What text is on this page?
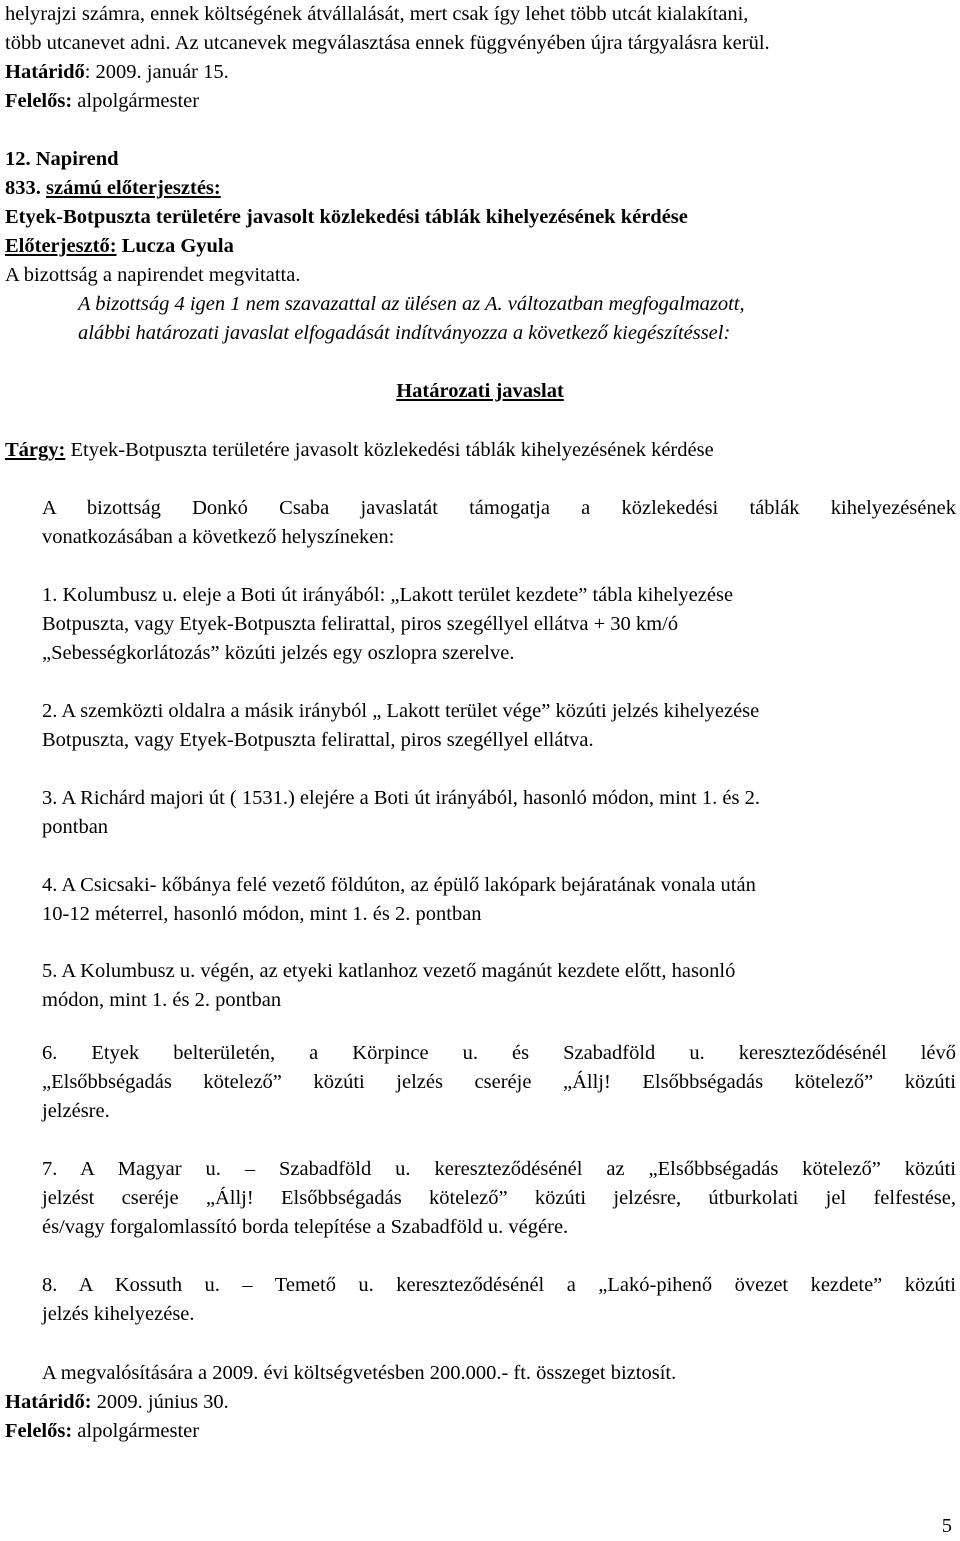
helyrajzi számra, ennek költségének átvállalását, mert csak így lehet több utcát kialakítani,
több utcanevet adni. Az utcanevek megválasztása ennek függvényében újra tárgyalásra kerül.
Határidő: 2009. január 15.
Felelős: alpolgármester
12. Napirend
833. számú előterjesztés:
Etyek-Botpuszta területére javasolt közlekedési táblák kihelyezésének kérdése
Előterjesztő: Lucza Gyula
A bizottság a napirendet megvitatta.
A bizottság 4 igen 1 nem szavazattal az ülésen az A. változatban megfogalmazott,
alábbi határozati javaslat elfogadását indítványozza a következő kiegészítéssel:
Határozati javaslat
Tárgy: Etyek-Botpuszta területére javasolt közlekedési táblák kihelyezésének kérdése
A bizottság Donkó Csaba javaslatát támogatja a közlekedési táblák kihelyezésének
vonatkozásában a következő helyszíneken:
1. Kolumbusz u. eleje a Boti út irányából: „Lakott terület kezdete” tábla kihelyezése
Botpuszta, vagy Etyek-Botpuszta felirattal, piros szegéllyel ellátva + 30 km/ó
„Sebességkorlátozás” közúti jelzés egy oszlopra szerelve.
2. A szemközti oldalra a másik irányból „ Lakott terület vége” közúti jelzés kihelyezése
Botpuszta, vagy Etyek-Botpuszta felirattal, piros szegéllyel ellátva.
3. A Richárd majori út ( 1531.) elejére a Boti út irányából, hasonló módon, mint 1. és 2.
pontban
4. A Csicsaki- kőbánya felé vezető földúton, az épülő lakópark bejáratának vonala után
10-12 méterrel, hasonló módon, mint 1. és 2. pontban
5. A Kolumbusz u. végén, az etyeki katlanhoz vezető magánút kezdete előtt, hasonló
módon, mint 1. és 2. pontban
6. Etyek belterületén, a Körpince u. és Szabadföld u. kereszteződésénél lévő
„Elsőbbségadás kötelező” közúti jelzés cseréje „Állj! Elsőbbségadás kötelező” közúti
jelzésre.
7. A Magyar u. – Szabadföld u. kereszteződésénél az „Elsőbbségadás kötelező” közúti
jelzést cseréje „Állj! Elsőbbségadás kötelező” közúti jelzésre, útburkolati jel felfestése,
és/vagy forgalomlassító borda telepítése a Szabadföld u. végére.
8. A Kossuth u. – Temető u. kereszteződésénél a „Lakó-pihenő övezet kezdete” közúti
jelzés kihelyezése.
A megvalósítására a 2009. évi költségvetésben 200.000.- ft. összeget biztosít.
Határidő: 2009. június 30.
Felelős: alpolgármester
5
